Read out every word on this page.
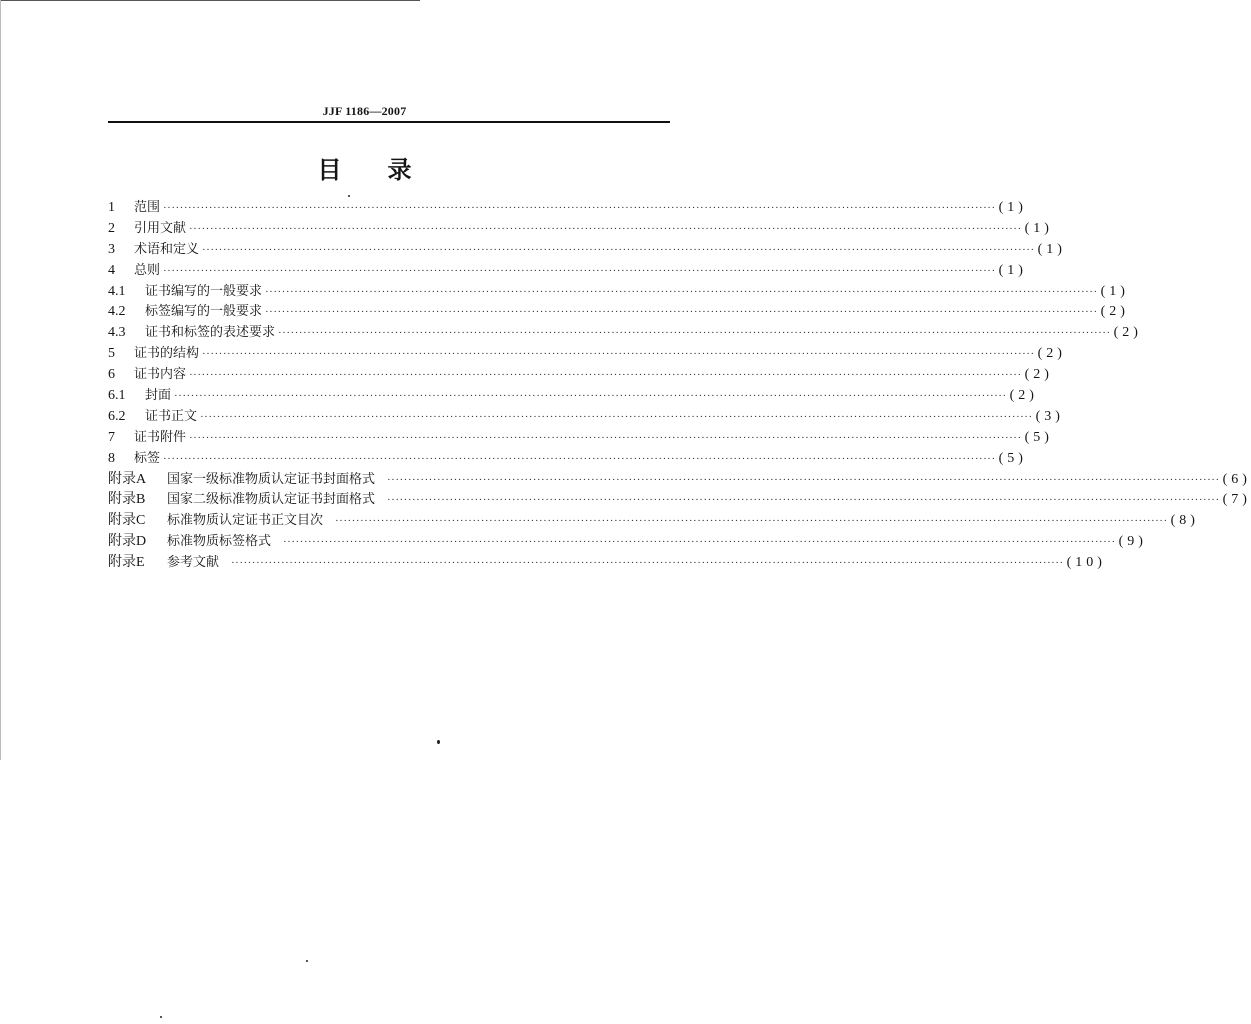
JJF 1186—2007
目录
1	范围 ········································································································································································································ (1)
2	引用文献 ········································································································································································································ (1)
3	术语和定义 ········································································································································································································ (1)
4	总则 ········································································································································································································ (1)
4.1	证书编写的一般要求 ········································································································································································································ (1)
4.2	标签编写的一般要求 ········································································································································································································ (2)
4.3	证书和标签的表述要求 ········································································································································································································ (2)
5	证书的结构 ········································································································································································································ (2)
6	证书内容 ········································································································································································································ (2)
6.1	封面 ········································································································································································································ (2)
6.2	证书正文 ········································································································································································································ (3)
7	证书附件 ········································································································································································································ (5)
8	标签 ········································································································································································································ (5)
附录A	国家一级标准物质认定证书封面格式 ········································································································································································································ (6)
附录B	国家二级标准物质认定证书封面格式 ········································································································································································································ (7)
附录C	标准物质认定证书正文目次 ········································································································································································································ (8)
附录D	标准物质标签格式 ········································································································································································································ (9)
附录E	参考文献 ········································································································································································································ (10)
